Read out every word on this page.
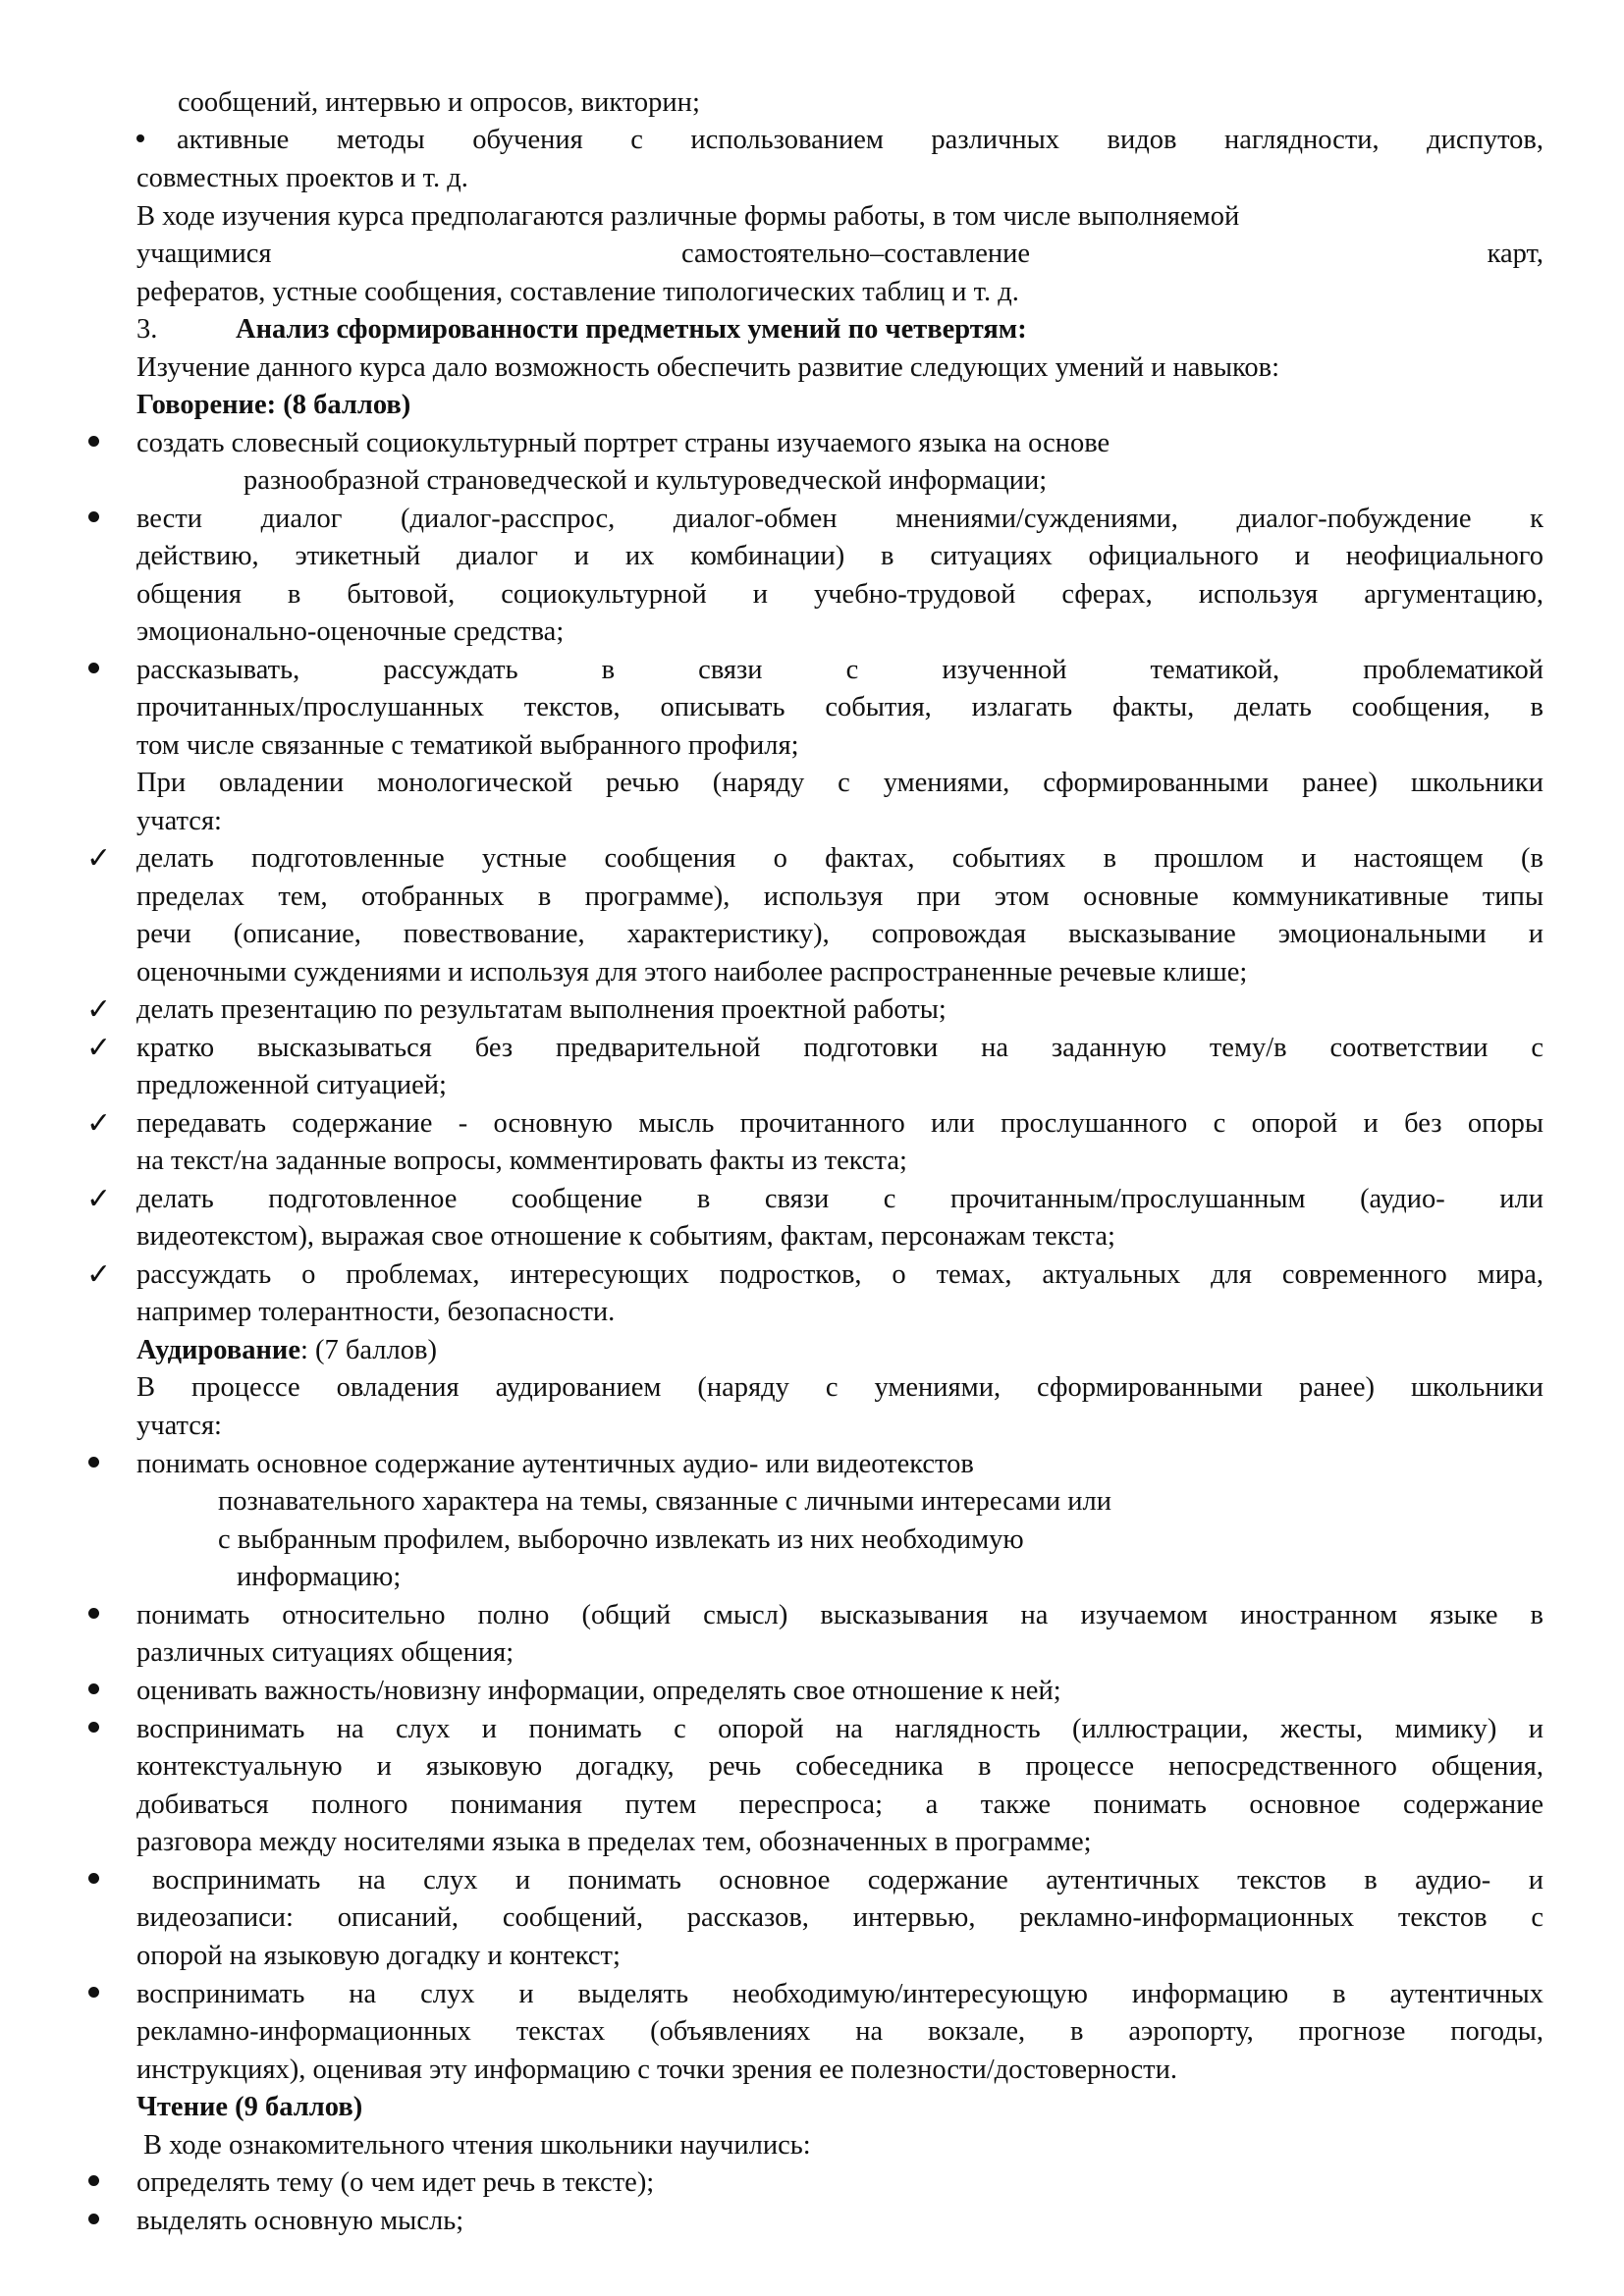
сообщений, интервью и опросов, викторин;
активные методы обучения с использованием различных видов наглядности, диспутов,
совместных проектов и т. д.
В ходе изучения курса предполагаются различные формы работы, в том числе выполняемой
учащимися	самостоятельно–составление	карт,
рефератов, устные сообщения, составление типологических таблиц и т. д.
3.	Анализ сформированности предметных умений по четвертям:
Изучение данного курса дало возможность обеспечить развитие следующих умений и навыков:
Говорение: (8 баллов)
создать словесный социокультурный портрет страны изучаемого языка на основе
разнообразной страноведческой и культуроведческой информации;
вести диалог (диалог-расспрос, диалог-обмен мнениями/суждениями, диалог-побуждение к
действию, этикетный диалог и их комбинации) в ситуациях официального и неофициального
общения в бытовой, социокультурной и учебно-трудовой сферах, используя аргументацию,
эмоционально-оценочные средства;
рассказывать, рассуждать в связи с изученной тематикой, проблематикой
прочитанных/прослушанных текстов, описывать события, излагать факты, делать сообщения, в
том числе связанные с тематикой выбранного профиля;
При овладении монологической речью (наряду с умениями, сформированными ранее) школьники
учатся:
✓ делать подготовленные устные сообщения о фактах, событиях в прошлом и настоящем (в
пределах тем, отобранных в программе), используя при этом основные коммуникативные типы
речи (описание, повествование, характеристику), сопровождая высказывание эмоциональными и
оценочными суждениями и используя для этого наиболее распространенные речевые клише;
✓ делать презентацию по результатам выполнения проектной работы;
✓ кратко высказываться без предварительной подготовки на заданную тему/в соответствии с
предложенной ситуацией;
✓ передавать содержание - основную мысль прочитанного или прослушанного с опорой и без опоры
на текст/на заданные вопросы, комментировать факты из текста;
✓ делать подготовленное сообщение в связи с прочитанным/прослушанным (аудио- или
видеотекстом), выражая свое отношение к событиям, фактам, персонажам текста;
✓ рассуждать о проблемах, интересующих подростков, о темах, актуальных для современного мира,
например толерантности, безопасности.
Аудирование: (7 баллов)
В процессе овладения аудированием (наряду с умениями, сформированными ранее) школьники
учатся:
понимать основное содержание аутентичных аудио- или видеотекстов
познавательного характера на темы, связанные с личными интересами или
с выбранным профилем, выборочно извлекать из них необходимую
информацию;
понимать относительно полно (общий смысл) высказывания на изучаемом иностранном языке в
различных ситуациях общения;
оценивать важность/новизну информации, определять свое отношение к ней;
воспринимать на слух и понимать с опорой на наглядность (иллюстрации, жесты, мимику) и
контекстуальную и языковую догадку, речь собеседника в процессе непосредственного общения,
добиваться полного понимания путем переспроса; а также понимать основное содержание
разговора между носителями языка в пределах тем, обозначенных в программе;
воспринимать на слух и понимать основное содержание аутентичных текстов в аудио- и
видеозаписи: описаний, сообщений, рассказов, интервью, рекламно-информационных текстов с
опорой на языковую догадку и контекст;
воспринимать на слух и выделять необходимую/интересующую информацию в аутентичных
рекламно-информационных текстах (объявлениях на вокзале, в аэропорту, прогнозе погоды,
инструкциях), оценивая эту информацию с точки зрения ее полезности/достоверности.
Чтение (9 баллов)
В ходе ознакомительного чтения школьники научились:
определять тему (о чем идет речь в тексте);
выделять основную мысль;
